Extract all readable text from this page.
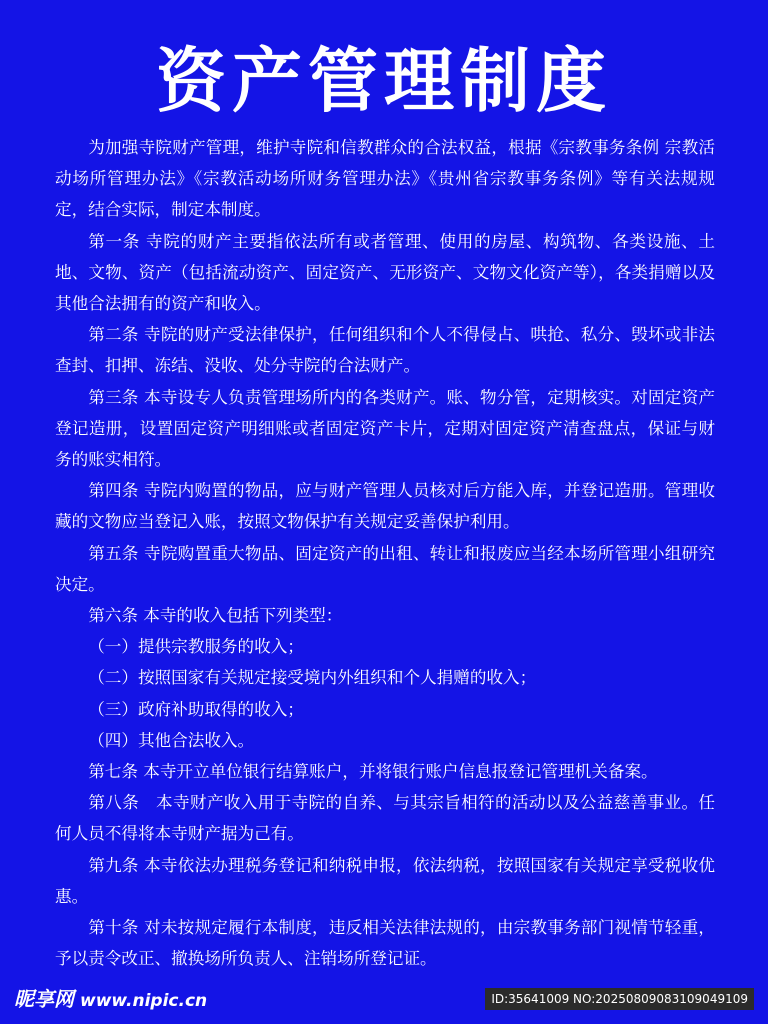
资产管理制度

为加强寺院财产管理，维护寺院和信教群众的合法权益，根据《宗教事务条例 宗教活动场所管理办法》《宗教活动场所财务管理办法》《贵州省宗教事务条例》等有关法规规定，结合实际，制定本制度。

第一条 寺院的财产主要指依法所有或者管理、使用的房屋、构筑物、各类设施、土地、文物、资产（包括流动资产、固定资产、无形资产、文物文化资产等），各类捐赠以及其他合法拥有的资产和收入。

第二条 寺院的财产受法律保护，任何组织和个人不得侵占、哄抢、私分、毁坏或非法查封、扣押、冻结、没收、处分寺院的合法财产。

第三条 本寺设专人负责管理场所内的各类财产。账、物分管，定期核实。对固定资产登记造册，设置固定资产明细账或者固定资产卡片，定期对固定资产清查盘点，保证与财务的账实相符。

第四条 寺院内购置的物品，应与财产管理人员核对后方能入库，并登记造册。管理收藏的文物应当登记入账，按照文物保护有关规定妥善保护利用。

第五条 寺院购置重大物品、固定资产的出租、转让和报废应当经本场所管理小组研究决定。

第六条 本寺的收入包括下列类型：

（一）提供宗教服务的收入；

（二）按照国家有关规定接受境内外组织和个人捐赠的收入；

（三）政府补助取得的收入；

（四）其他合法收入。

第七条 本寺开立单位银行结算账户，并将银行账户信息报登记管理机关备案。

第八条　本寺财产收入用于寺院的自养、与其宗旨相符的活动以及公益慈善事业。任何人员不得将本寺财产据为己有。

第九条 本寺依法办理税务登记和纳税申报，依法纳税，按照国家有关规定享受税收优惠。

第十条 对未按规定履行本制度，违反相关法律法规的，由宗教事务部门视情节轻重，予以责令改正、撤换场所负责人、注销场所登记证。

昵享网 www.nipic.cn	ID:35641009 NO:20250809083109049109
